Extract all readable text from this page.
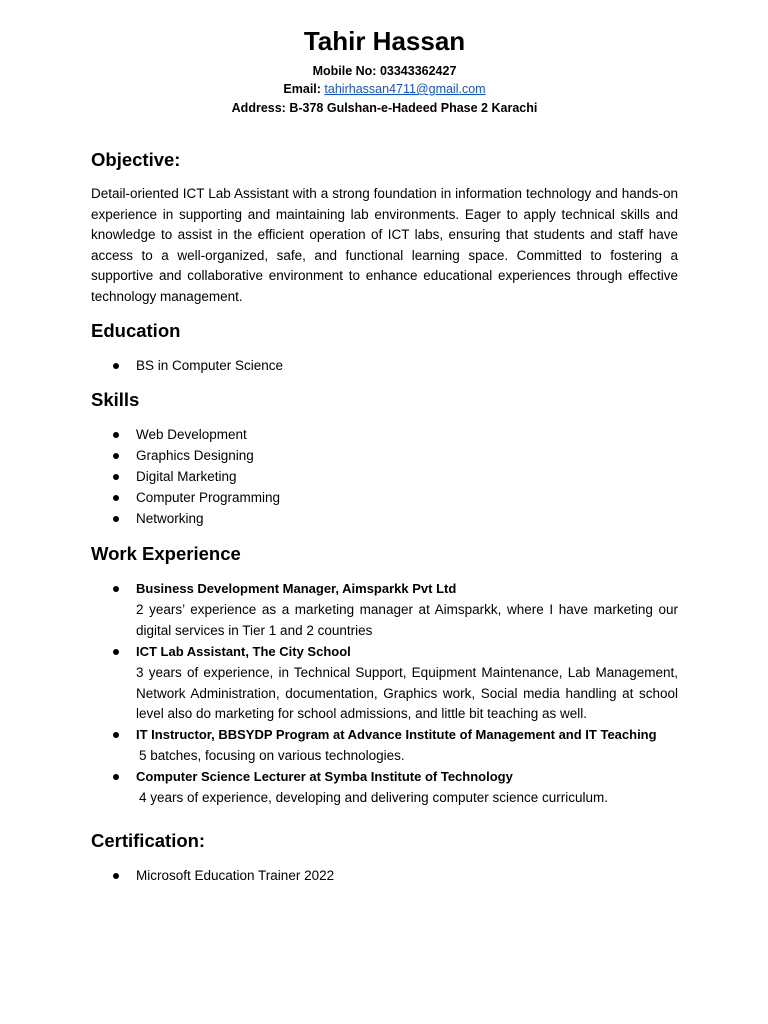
Tahir Hassan
Mobile No: 03343362427
Email: tahirhassan4711@gmail.com
Address: B-378 Gulshan-e-Hadeed Phase 2 Karachi
Objective:
Detail-oriented ICT Lab Assistant with a strong foundation in information technology and hands-on experience in supporting and maintaining lab environments. Eager to apply technical skills and knowledge to assist in the efficient operation of ICT labs, ensuring that students and staff have access to a well-organized, safe, and functional learning space. Committed to fostering a supportive and collaborative environment to enhance educational experiences through effective technology management.
Education
BS in Computer Science
Skills
Web Development
Graphics Designing
Digital Marketing
Computer Programming
Networking
Work Experience
Business Development Manager, Aimsparkk Pvt Ltd
2 years’ experience as a marketing manager at Aimsparkk, where I have marketing our digital services in Tier 1 and 2 countries
ICT Lab Assistant, The City School
3 years of experience, in Technical Support, Equipment Maintenance, Lab Management, Network Administration, documentation, Graphics work, Social media handling at school level also do marketing for school admissions, and little bit teaching as well.
IT Instructor, BBSYDP Program at Advance Institute of Management and IT Teaching
5 batches, focusing on various technologies.
Computer Science Lecturer at Symba Institute of Technology
4 years of experience, developing and delivering computer science curriculum.
Certification:
Microsoft Education Trainer 2022
